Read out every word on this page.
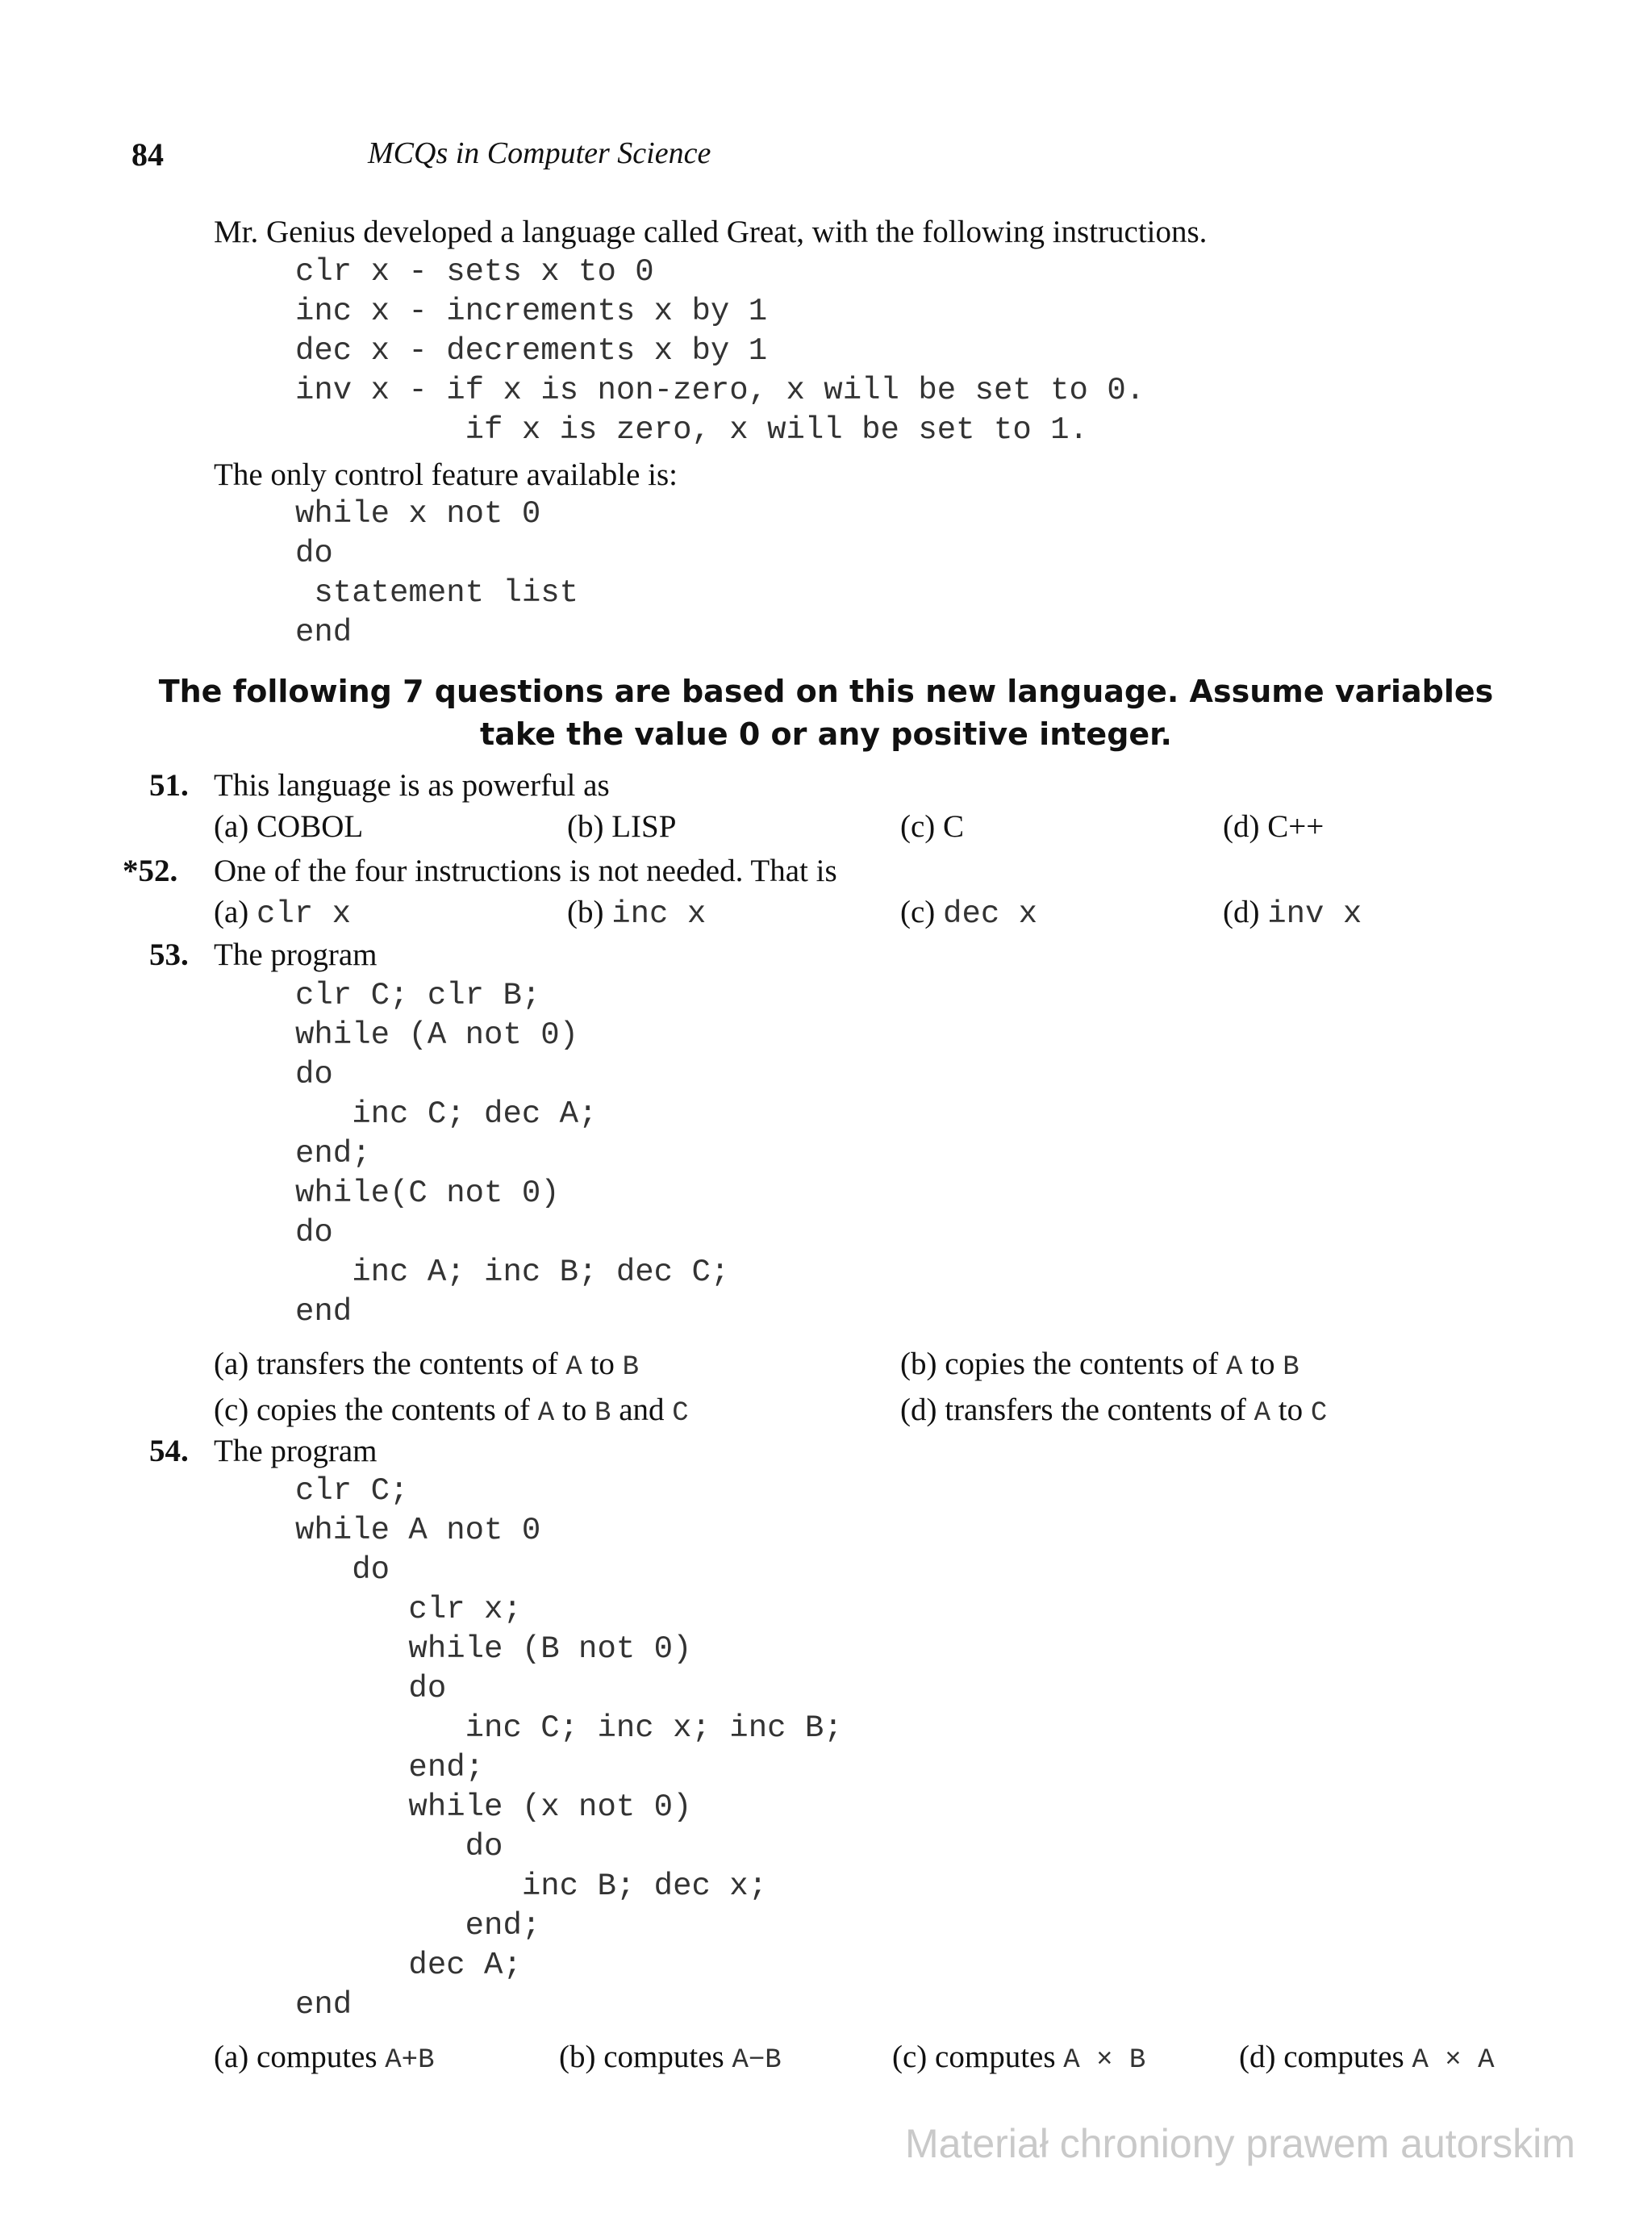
84	MCQs in Computer Science
Mr. Genius developed a language called Great, with the following instructions.
clr x - sets x to 0
inc x - increments x by 1
dec x - decrements x by 1
inv x - if x is non-zero, x will be set to 0.
if x is zero, x will be set to 1.
The only control feature available is:
while x not 0
do
statement list
end
The following 7 questions are based on this new language. Assume variables
take the value 0 or any positive integer.
51. This language is as powerful as
(a) COBOL	(b) LISP	(c) C	(d) C++
*52. One of the four instructions is not needed. That is
(a) clr x	(b) inc x	(c) dec x	(d) inv x
53. The program
clr C; clr B;
while (A not 0)
do
inc C; dec A;
end;
while(C not 0)
do
inc A; inc B; dec C;
end
(a) transfers the contents of A to B	(b) copies the contents of A to B
(c) copies the contents of A to B and C	(d) transfers the contents of A to C
54. The program
clr C;
while A not 0
do
clr x;
while (B not 0)
do
inc C; inc x; inc B;
end;
while (x not 0)
do
inc B; dec x;
end;
dec A;
end
(a) computes A+B	(b) computes A−B	(c) computes A × B	(d) computes A × A
Materiał chroniony prawem autorskim
